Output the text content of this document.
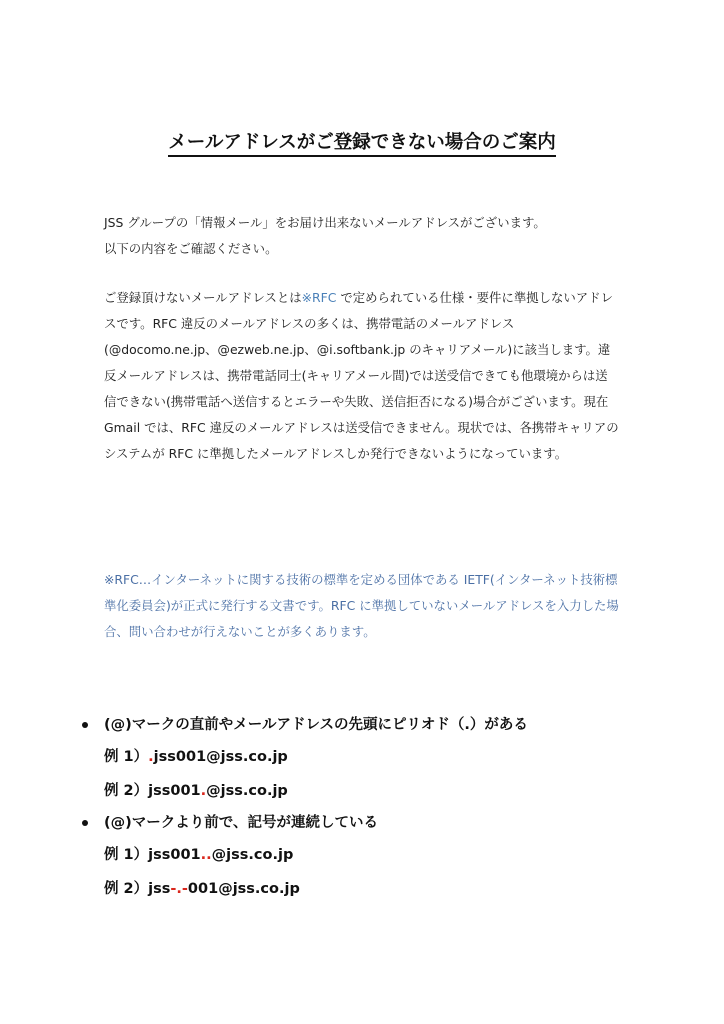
メールアドレスがご登録できない場合のご案内
JSS グループの「情報メール」をお届け出来ないメールアドレスがございます。
以下の内容をご確認ください。
ご登録頂けないメールアドレスとは※RFC で定められている仕様・要件に準拠しないアドレスです。RFC 違反のメールアドレスの多くは、携帯電話のメールアドレス(@docomo.ne.jp、@ezweb.ne.jp、@i.softbank.jp のキャリアメール)に該当します。違反メールアドレスは、携帯電話同士(キャリアメール間)では送受信できても他環境からは送信できない(携帯電話へ送信するとエラーや失敗、送信拒否になる)場合がございます。現在 Gmail では、RFC 違反のメールアドレスは送受信できません。現状では、各携帯キャリアのシステムが RFC に準拠したメールアドレスしか発行できないようになっています。
※RFC…インターネットに関する技術の標準を定める団体である IETF(インターネット技術標準化委員会)が正式に発行する文書です。RFC に準拠していないメールアドレスを入力した場合、問い合わせが行えないことが多くあります。
(@)マークの直前やメールアドレスの先頭にピリオド（.）がある
例 1）.jss001@jss.co.jp
例 2）jss001.@jss.co.jp
(@)マークより前で、記号が連続している
例 1）jss001..@jss.co.jp
例 2）jss-.-001@jss.co.jp
